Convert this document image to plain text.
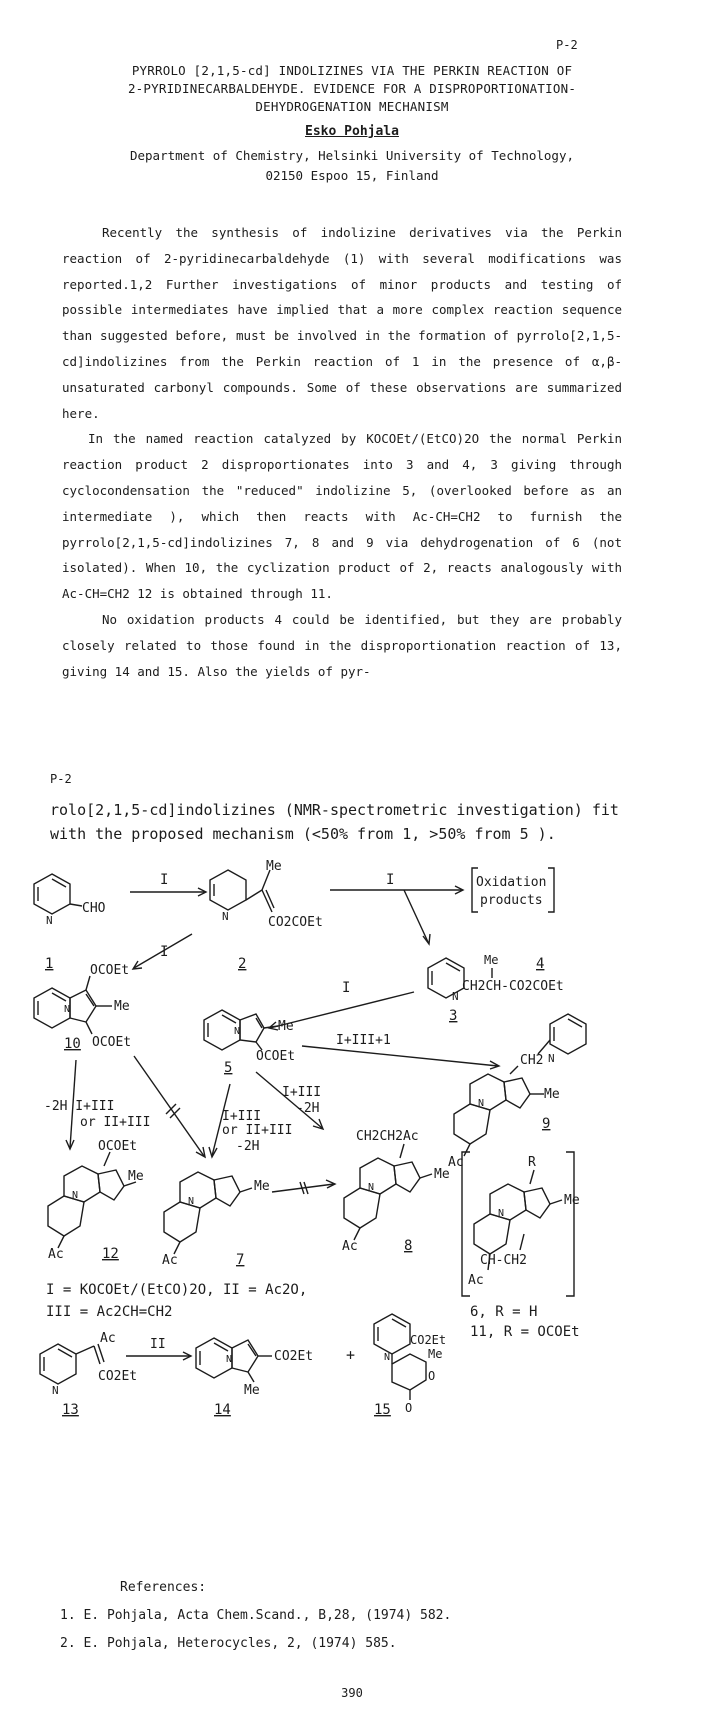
P-2
PYRROLO [2,1,5-cd] INDOLIZINES VIA THE PERKIN REACTION OF
2-PYRIDINECARBALDEHYDE. EVIDENCE FOR A DISPROPORTIONATION-
DEHYDROGENATION MECHANISM
Esko Pohjala
Department of Chemistry, Helsinki University of Technology,
02150 Espoo 15, Finland

Recently the synthesis of indolizine derivatives via the Perkin reaction of 2-pyridinecarbaldehyde (1) with several modifications was reported.1,2 Further investigations of minor products and testing of possible intermediates have implied that a more complex reaction sequence than suggested before, must be involved in the formation of pyrrolo[2,1,5-cd]indolizines from the Perkin reaction of 1 in the presence of α,β-unsaturated carbonyl compounds. Some of these observations are summarized here.

In the named reaction catalyzed by KOCOEt/(EtCO)2O the normal Perkin reaction product 2 disproportionates into 3 and 4, 3 giving through cyclocondensation the "reduced" indolizine 5, (overlooked before as an intermediate ), which then reacts with Ac-CH=CH2 to furnish the pyrrolo[2,1,5-cd]indolizines 7, 8 and 9 via dehydrogenation of 6 (not isolated). When 10, the cyclization product of 2, reacts analogously with Ac-CH=CH2 12 is obtained through 11.

No oxidation products 4 could be identified, but they are probably closely related to those found in the disproportionation reaction of 13, giving 14 and 15. Also the yields of pyr-

P-2
rolo[2,1,5-cd]indolizines (NMR-spectrometric investigation) fit with the proposed mechanism (<50% from 1, >50% from 5 ).
N
CHO
1
I
N
Me
CO2COEt
2
I	Oxidation
products
4
I
N
Me
CH2CH-CO2COEt
3
I
N
OCOEt
Me
OCOEt
10
N	Me
OCOEt
5
I+III+1
N
CH2
N
Me
Ac
9
-2H I+III
or II+III	I+III
or II+III
-2H
I+III
-2H
N
OCOEt
Me
Ac	12
N
Me
Ac	7
N
CH2CH2Ac
Me
Ac	8
N
R
Me
CH-CH2
Ac
6, R = H
11, R = OCOEt
I = KOCOEt/(EtCO)2O, II = Ac2O,
III = Ac2CH=CH2
N
Ac
CO2Et
13
II
N	CO2Et
Me
14
+	N
CO2Et
Me
O
O
15
References:
1. E. Pohjala, Acta Chem.Scand., B,28, (1974) 582.
2. E. Pohjala, Heterocycles, 2, (1974) 585.
390
